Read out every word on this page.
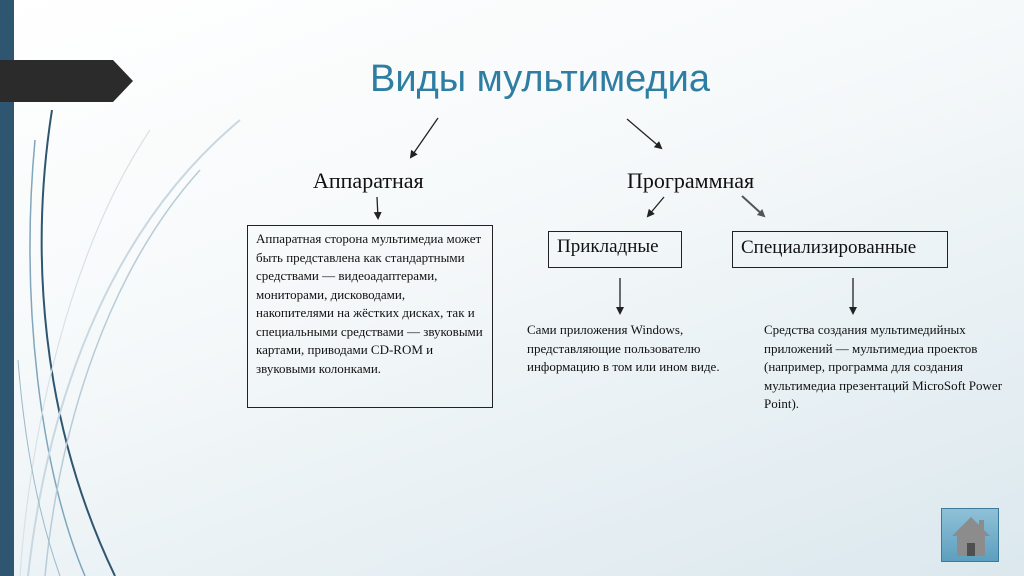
Виды мультимедиа
Аппаратная	Программная
Аппаратная сторона мультимедиа может быть представлена как стандартными средствами — видеоадаптерами, мониторами, дисководами, накопителями на жёстких дисках, так и специальными средствами — звуковыми картами, приводами CD-ROM и звуковыми колонками.
Прикладные	Специализированные
Сами приложения Windows, представляющие пользователю информацию в том или ином виде.
Средства создания мультимедийных приложений — мультимедиа проектов (например, программа для создания мультимедиа презентаций MicroSoft Power Point).
